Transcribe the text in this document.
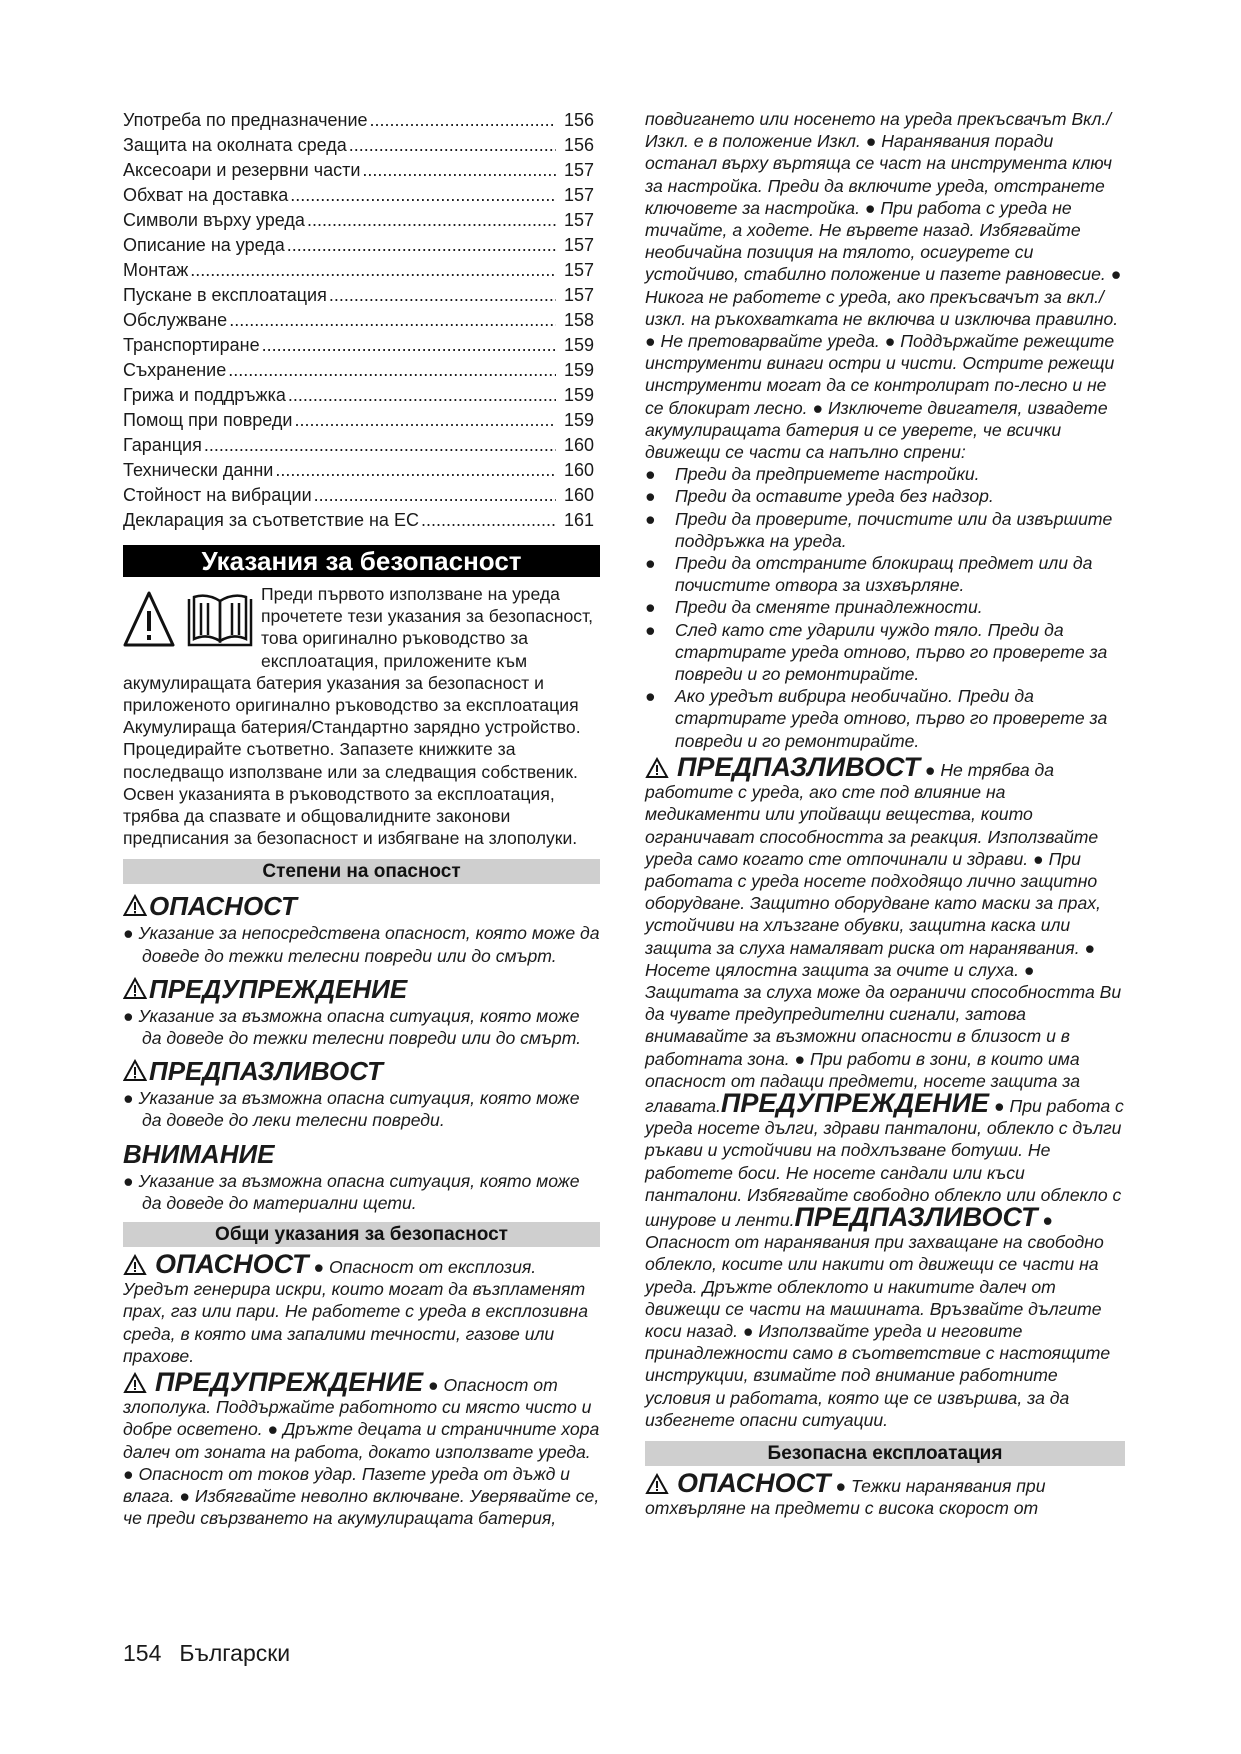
Употреба по предназначение .....	156
Защита на околната среда .....	156
Аксесоари и резервни части .....	157
Обхват на доставка .....	157
Символи върху уреда .....	157
Описание на уреда .....	157
Монтаж .....	157
Пускане в експлоатация .....	157
Обслужване .....	158
Транспортиране .....	159
Съхранение .....	159
Грижа и поддръжка .....	159
Помощ при повреди .....	159
Гаранция .....	160
Технически данни .....	160
Стойност на вибрации .....	160
Декларация за съответствие на ЕС .....	161
Указания за безопасност

Преди първото използване на уреда прочетете тези указания за безопасност, това оригинално ръководство за експлоатация, приложените към акумулиращата батерия указания за безопасност и приложеното оригинално ръководство за експлоатация Акумулираща батерия/Стандартно зарядно устройство. Процедирайте съответно. Запазете книжките за последващо използване или за следващия собственик.

Освен указанията в ръководството за експлоатация, трябва да спазвате и общовалидните законови предписания за безопасност и избягване на злополуки.

Степени на опасност
ОПАСНОСТ

● Указание за непосредствена опасност, която може да доведе до тежки телесни повреди или до смърт.

ПРЕДУПРЕЖДЕНИЕ

● Указание за възможна опасна ситуация, която може да доведе до тежки телесни повреди или до смърт.

ПРЕДПАЗЛИВОСТ

● Указание за възможна опасна ситуация, която може да доведе до леки телесни повреди.

ВНИМАНИЕ

● Указание за възможна опасна ситуация, която може да доведе до материални щети.

Общи указания за безопасност

ОПАСНОСТ ● Опасност от експлозия. Уредът генерира искри, които могат да възпламенят прах, газ или пари. Не работете с уреда в експлозивна среда, в която има запалими течности, газове или прахове.

ПРЕДУПРЕЖДЕНИЕ ● Опасност от злополука. Поддържайте работното си място чисто и добре осветено. ● Дръжте децата и страничните хора далеч от зоната на работа, докато използвате уреда. ● Опасност от токов удар. Пазете уреда от дъжд и влага. ● Избягвайте неволно включване. Уверявайте се, че преди свързването на акумулиращата батерия,

повдигането или носенето на уреда прекъсвачът Вкл./Изкл. е в положение Изкл. ● Наранявания поради останал върху въртяща се част на инструмента ключ за настройка. Преди да включите уреда, отстранете ключовете за настройка. ● При работа с уреда не тичайте, а ходете. Не вървете назад. Избягвайте необичайна позиция на тялото, осигурете си устойчиво, стабилно положение и пазете равновесие. ● Никога не работете с уреда, ако прекъсвачът за вкл./изкл. на ръкохватката не включва и изключва правилно. ● Не претоварвайте уреда. ● Поддържайте режещите инструменти винаги остри и чисти. Острите режещи инструменти могат да се контролират по-лесно и не се блокират лесно. ● Изключете двигателя, извадете акумулиращата батерия и се уверете, че всички движещи се части са напълно спрени:

● Преди да предприемете настройки.

● Преди да оставите уреда без надзор.

● Преди да проверите, почистите или да извършите поддръжка на уреда.

● Преди да отстраните блокиращ предмет или да почистите отвора за изхвърляне.

● Преди да сменяте принадлежности.

● След като сте ударили чуждо тяло. Преди да стартирате уреда отново, първо го проверете за повреди и го ремонтирайте.

● Ако уредът вибрира необичайно. Преди да стартирате уреда отново, първо го проверете за повреди и го ремонтирайте.

ПРЕДПАЗЛИВОСТ ● Не трябва да работите с уреда, ако сте под влияние на медикаменти или упойващи вещества, които ограничават способността за реакция. Използвайте уреда само когато сте отпочинали и здрави. ● При работата с уреда носете подходящо лично защитно оборудване. Защитно оборудване като маски за прах, устойчиви на хлъзгане обувки, защитна каска или защита за слуха намаляват риска от наранявания. ● Носете цялостна защита за очите и слуха. ● Защитата за слуха може да ограничи способността Ви да чувате предупредителни сигнали, затова внимавайте за възможни опасности в близост и в работната зона. ● При работи в зони, в които има опасност от падащи предмети, носете защита за главата.ПРЕДУПРЕЖДЕНИЕ ● При работа с уреда носете дълги, здрави панталони, облекло с дълги ръкави и устойчиви на подхлъзване ботуши. Не работете боси. Не носете сандали или къси панталони. Избягвайте свободно облекло или облекло с шнурове и ленти.ПРЕДПАЗЛИВОСТ ● Опасност от наранявания при захващане на свободно облекло, косите или накити от движещи се части на уреда. Дръжте облеклото и накитите далеч от движещи се части на машината. Връзвайте дългите коси назад. ● Използвайте уреда и неговите принадлежности само в съответствие с настоящите инструкции, взимайте под внимание работните условия и работата, която ще се извършва, за да избегнете опасни ситуации.

Безопасна експлоатация

ОПАСНОСТ ● Тежки наранявания при отхвърляне на предмети с висока скорост от

154 Български
